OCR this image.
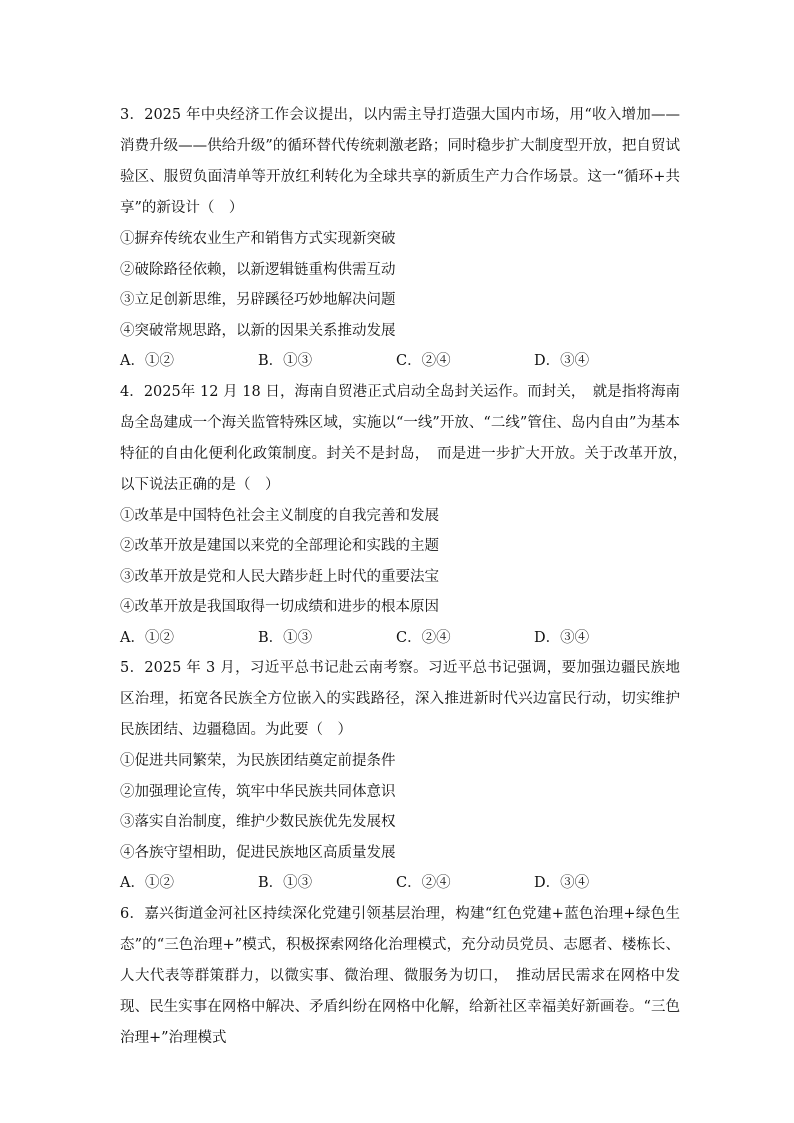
3．2025 年中央经济工作会议提出，以内需主导打造强大国内市场，用“收入增加——消费升级——供给升级”的循环替代传统刺激老路；同时稳步扩大制度型开放，把自贸试验区、服贸负面清单等开放红利转化为全球共享的新质生产力合作场景。这一“循环+共享”的新设计（　）

①摒弃传统农业生产和销售方式实现新突破

②破除路径依赖，以新逻辑链重构供需互动

③立足创新思维，另辟蹊径巧妙地解决问题

④突破常规思路，以新的因果关系推动发展

A．①②	B．①③	C．②④	D．③④

4．2025年 12 月 18 日，海南自贸港正式启动全岛封关运作。而封关，　就是指将海南岛全岛建成一个海关监管特殊区域，实施以“一线”开放、“二线”管住、岛内自由”为基本特征的自由化便利化政策制度。封关不是封岛，　而是进一步扩大开放。关于改革开放，　以下说法正确的是（　）

①改革是中国特色社会主义制度的自我完善和发展

②改革开放是建国以来党的全部理论和实践的主题

③改革开放是党和人民大踏步赶上时代的重要法宝

④改革开放是我国取得一切成绩和进步的根本原因

A．①②	B．①③	C．②④	D．③④

5．2025 年 3 月，习近平总书记赴云南考察。习近平总书记强调，要加强边疆民族地区治理，拓宽各民族全方位嵌入的实践路径，深入推进新时代兴边富民行动，切实维护民族团结、边疆稳固。为此要（　）

①促进共同繁荣，为民族团结奠定前提条件

②加强理论宣传，筑牢中华民族共同体意识

③落实自治制度，维护少数民族优先发展权

④各族守望相助，促进民族地区高质量发展

A．①②	B．①③	C．②④	D．③④

6．嘉兴街道金河社区持续深化党建引领基层治理，构建“红色党建+蓝色治理+绿色生态”的“三色治理+”模式，积极探索网络化治理模式，充分动员党员、志愿者、楼栋长、人大代表等群策群力，以微实事、微治理、微服务为切口，　推动居民需求在网格中发现、民生实事在网格中解决、矛盾纠纷在网格中化解，给新社区幸福美好新画卷。“三色治理+”治理模式
